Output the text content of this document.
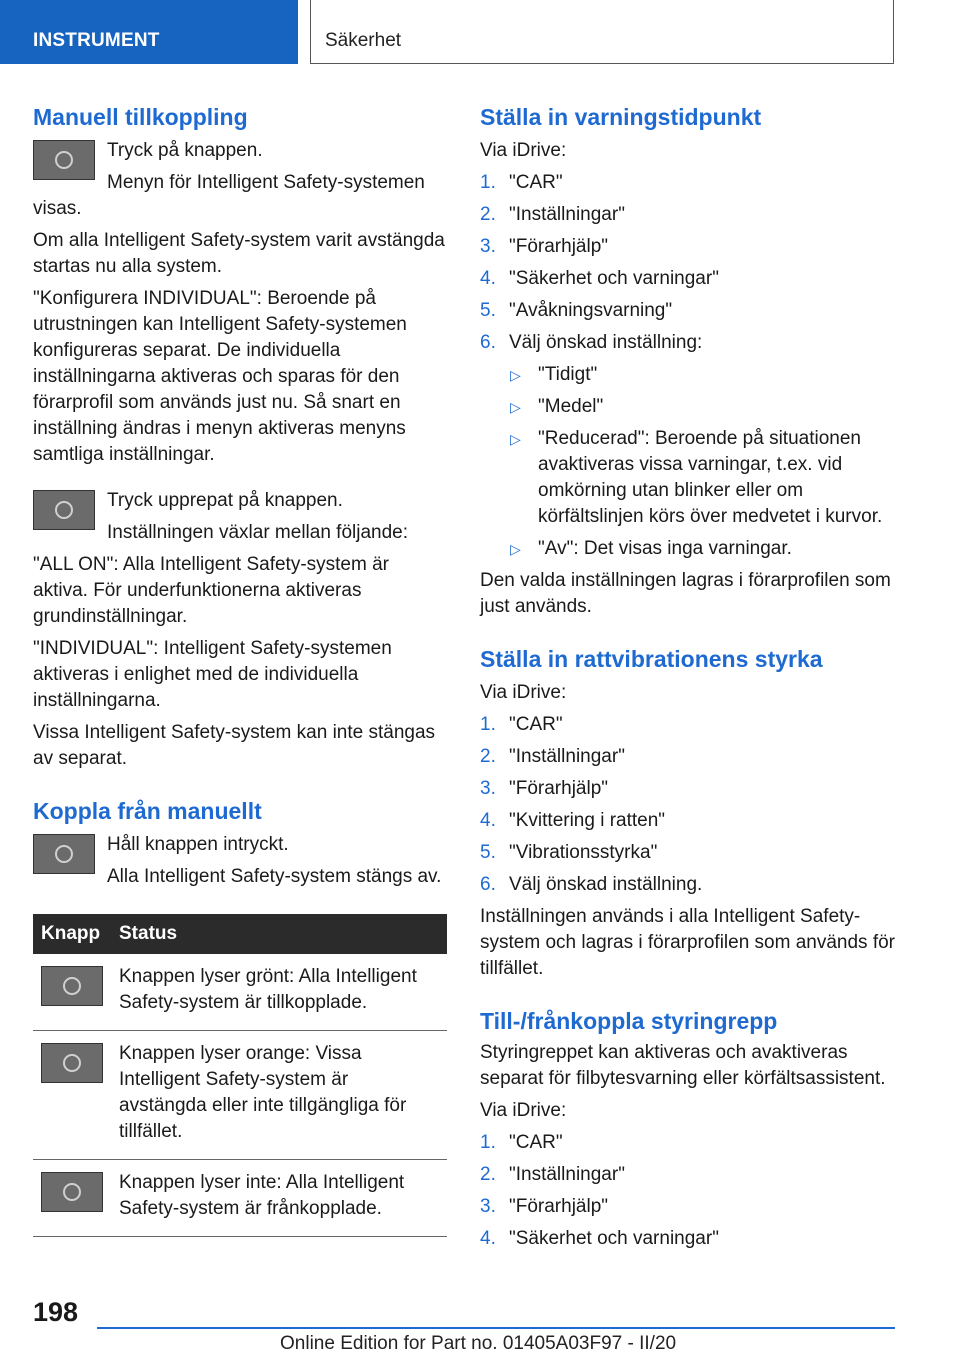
INSTRUMENT	Säkerhet
Manuell tillkoppling

Tryck på knappen.

Menyn för Intelligent Safety-systemen visas.

Om alla Intelligent Safety-system varit avstängda startas nu alla system.

"Konfigurera INDIVIDUAL": Beroende på utrustningen kan Intelligent Safety-systemen konfigureras separat. De individuella inställningarna aktiveras och sparas för den förarprofil som används just nu. Så snart en inställning ändras i menyn aktiveras menyns samtliga inställningar.

Tryck upprepat på knappen.

Inställningen växlar mellan följande:

"ALL ON": Alla Intelligent Safety-system är aktiva. För underfunktionerna aktiveras grundinställningar.

"INDIVIDUAL": Intelligent Safety-systemen aktiveras i enlighet med de individuella inställningarna.

Vissa Intelligent Safety-system kan inte stängas av separat.

Koppla från manuellt

Håll knappen intryckt.

Alla Intelligent Safety-system stängs av.

Knapp	Status

	Knappen lyser grönt: Alla Intelligent Safety-system är tillkopplade.

	Knappen lyser orange: Vissa Intelligent Safety-system är avstängda eller inte tillgängliga för tillfället.

	Knappen lyser inte: Alla Intelligent Safety-system är frånkopplade.
Ställa in varningstidpunkt

Via iDrive:

1. "CAR"
2. "Inställningar"
3. "Förarhjälp"
4. "Säkerhet och varningar"
5. "Avåkningsvarning"
6. Välj önskad inställning:
▷ "Tidigt"
▷ "Medel"
▷ "Reducerad": Beroende på situationen avaktiveras vissa varningar, t.ex. vid omkörning utan blinker eller om körfältslinjen körs över medvetet i kurvor.
▷ "Av": Det visas inga varningar.

Den valda inställningen lagras i förarprofilen som just används.

Ställa in rattvibrationens styrka

Via iDrive:

1. "CAR"
2. "Inställningar"
3. "Förarhjälp"
4. "Kvittering i ratten"
5. "Vibrationsstyrka"
6. Välj önskad inställning.

Inställningen används i alla Intelligent Safety-system och lagras i förarprofilen som används för tillfället.

Till-/frånkoppla styringrepp

Styringreppet kan aktiveras och avaktiveras separat för filbytesvarning eller körfältsassistent.

Via iDrive:

1. "CAR"
2. "Inställningar"
3. "Förarhjälp"
4. "Säkerhet och varningar"
198
Online Edition for Part no. 01405A03F97 - II/20
